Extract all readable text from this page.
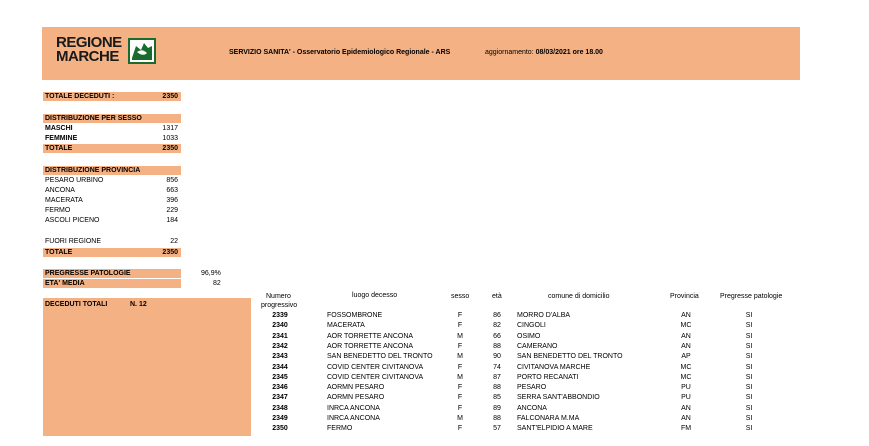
REGIONE
MARCHE	SERVIZIO SANITA' - Osservatorio Epidemiologico Regionale - ARS	aggiornamento: 08/03/2021 ore 18.00
TOTALE DECEDUTI :	2350
DISTRIBUZIONE PER SESSO
MASCHI	1317
FEMMINE	1033
TOTALE	2350
DISTRIBUZIONE PROVINCIA
PESARO URBINO	856
ANCONA	663
MACERATA	396
FERMO	229
ASCOLI PICENO	184
FUORI REGIONE	22
TOTALE	2350
PREGRESSE PATOLOGIE	96,9%
ETA' MEDIA	82
DECEDUTI TOTALI	N. 12
Numero
progressivo
luogo decesso	sesso	età	comune di domicilio	Provincia	Pregresse patologie
2339	FOSSOMBRONE	F	86	MORRO D'ALBA	AN	SI
2340	MACERATA	F	82	CINGOLI	MC	SI
2341	AOR TORRETTE ANCONA	M	66	OSIMO	AN	SI
2342	AOR TORRETTE ANCONA	F	88	CAMERANO	AN	SI
2343	SAN BENEDETTO DEL TRONTO	M	90	SAN BENEDETTO DEL TRONTO	AP	SI
2344	COVID CENTER CIVITANOVA	F	74	CIVITANOVA MARCHE	MC	SI
2345	COVID CENTER CIVITANOVA	M	87	PORTO RECANATI	MC	SI
2346	AORMN PESARO	F	88	PESARO	PU	SI
2347	AORMN PESARO	F	85	SERRA SANT'ABBONDIO	PU	SI
2348	INRCA ANCONA	F	89	ANCONA	AN	SI
2349	INRCA ANCONA	M	88	FALCONARA M.MA	AN	SI
2350	FERMO	F	57	SANT'ELPIDIO A MARE	FM	SI
